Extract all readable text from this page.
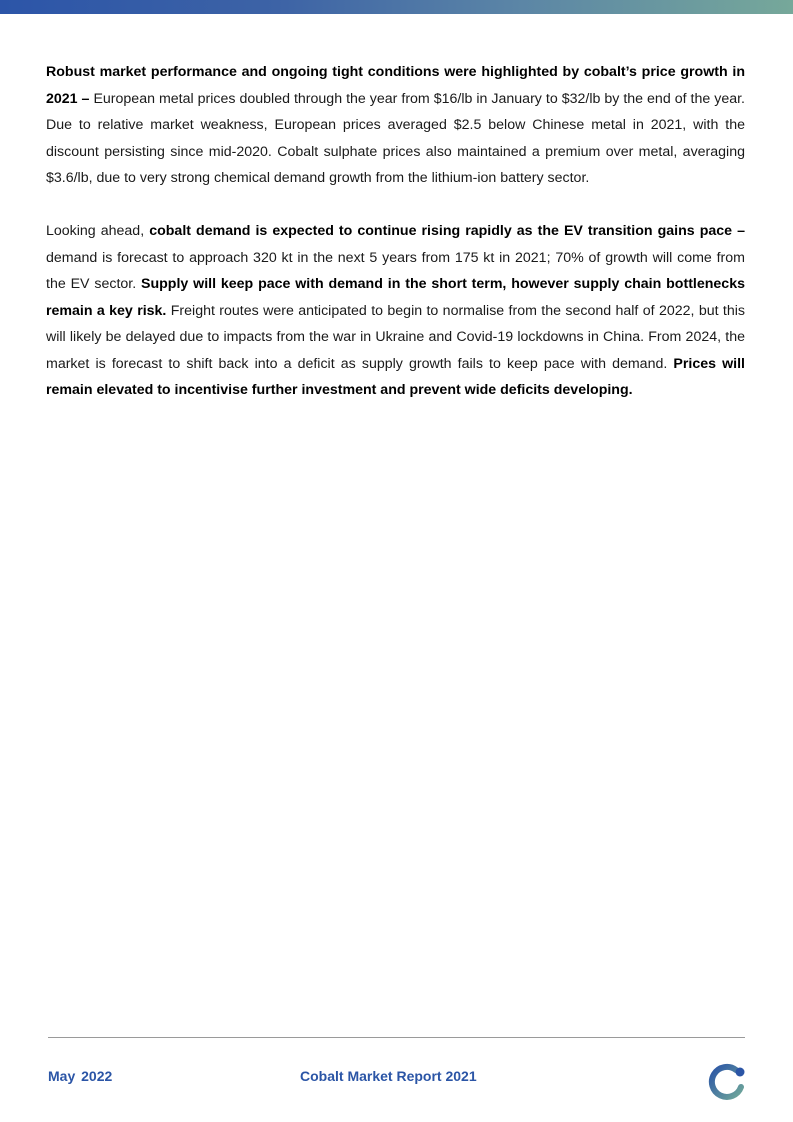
Robust market performance and ongoing tight conditions were highlighted by cobalt’s price growth in 2021 – European metal prices doubled through the year from $16/lb in January to $32/lb by the end of the year. Due to relative market weakness, European prices averaged $2.5 below Chinese metal in 2021, with the discount persisting since mid-2020. Cobalt sulphate prices also maintained a premium over metal, averaging $3.6/lb, due to very strong chemical demand growth from the lithium-ion battery sector.

Looking ahead, cobalt demand is expected to continue rising rapidly as the EV transition gains pace – demand is forecast to approach 320 kt in the next 5 years from 175 kt in 2021; 70% of growth will come from the EV sector. Supply will keep pace with demand in the short term, however supply chain bottlenecks remain a key risk. Freight routes were anticipated to begin to normalise from the second half of 2022, but this will likely be delayed due to impacts from the war in Ukraine and Covid-19 lockdowns in China. From 2024, the market is forecast to shift back into a deficit as supply growth fails to keep pace with demand. Prices will remain elevated to incentivise further investment and prevent wide deficits developing.

May 2022	Cobalt Market Report 2021
